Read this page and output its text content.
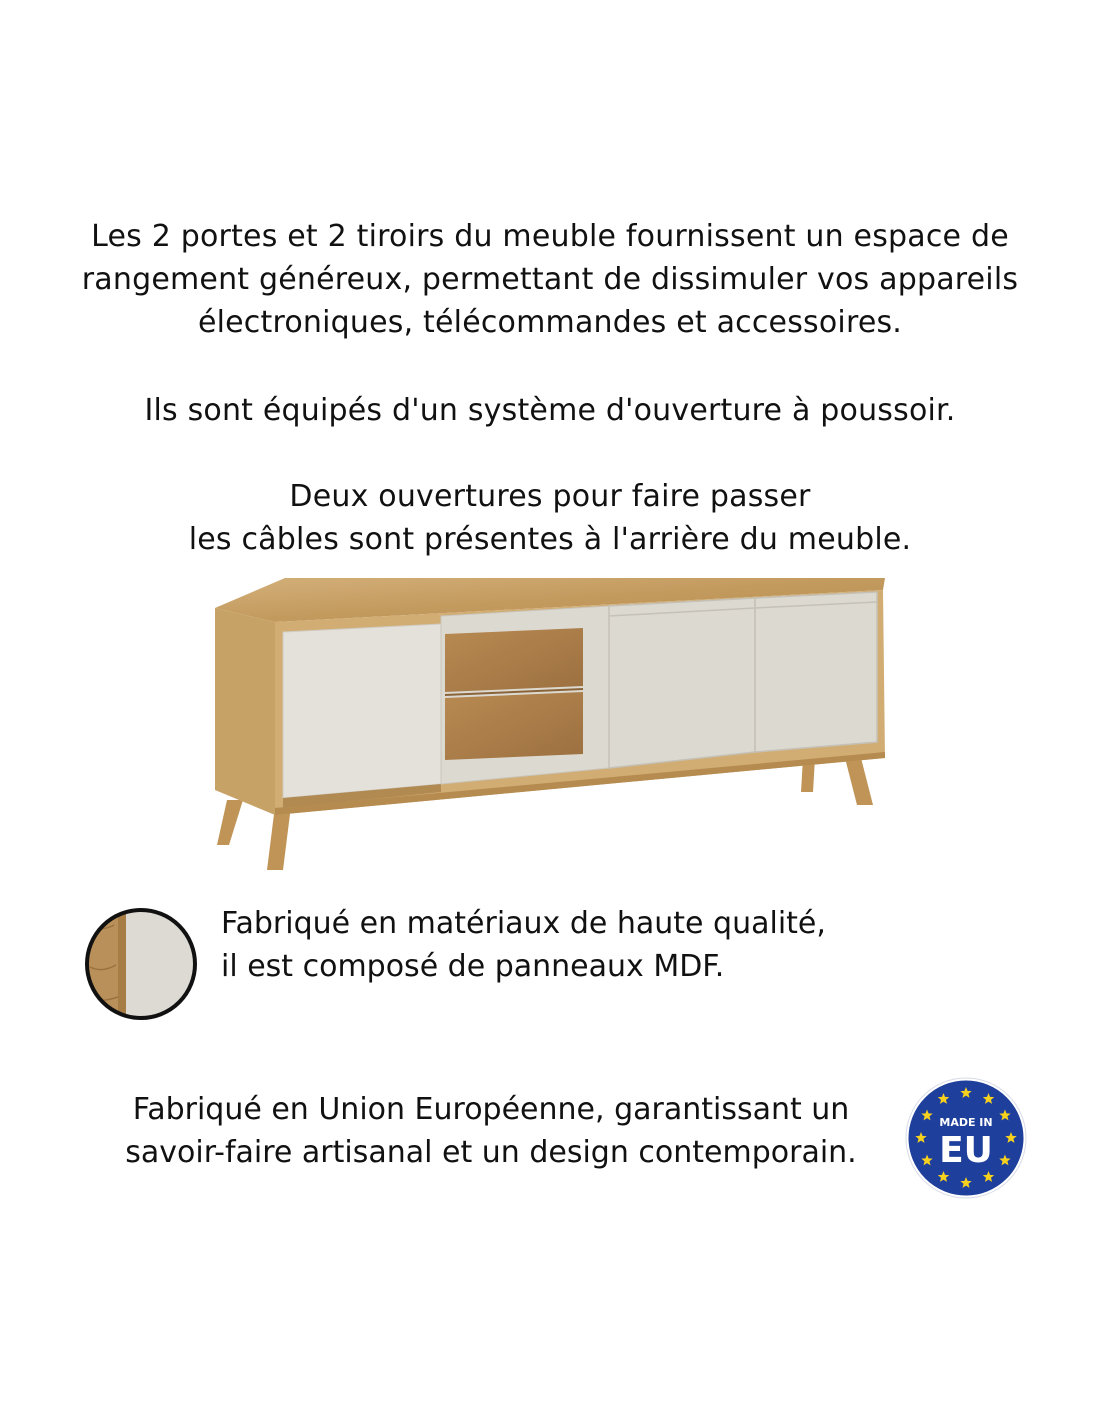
Les 2 portes et 2 tiroirs du meuble fournissent un espace de
rangement généreux, permettant de dissimuler vos appareils
électroniques, télécommandes et accessoires.
Ils sont équipés d'un système d'ouverture à poussoir.
Deux ouvertures pour faire passer
les câbles sont présentes à l'arrière du meuble.
Fabriqué en matériaux de haute qualité,
il est composé de panneaux MDF.
Fabriqué en Union Européenne, garantissant un
savoir-faire artisanal et un design contemporain.
MADE IN
EU
